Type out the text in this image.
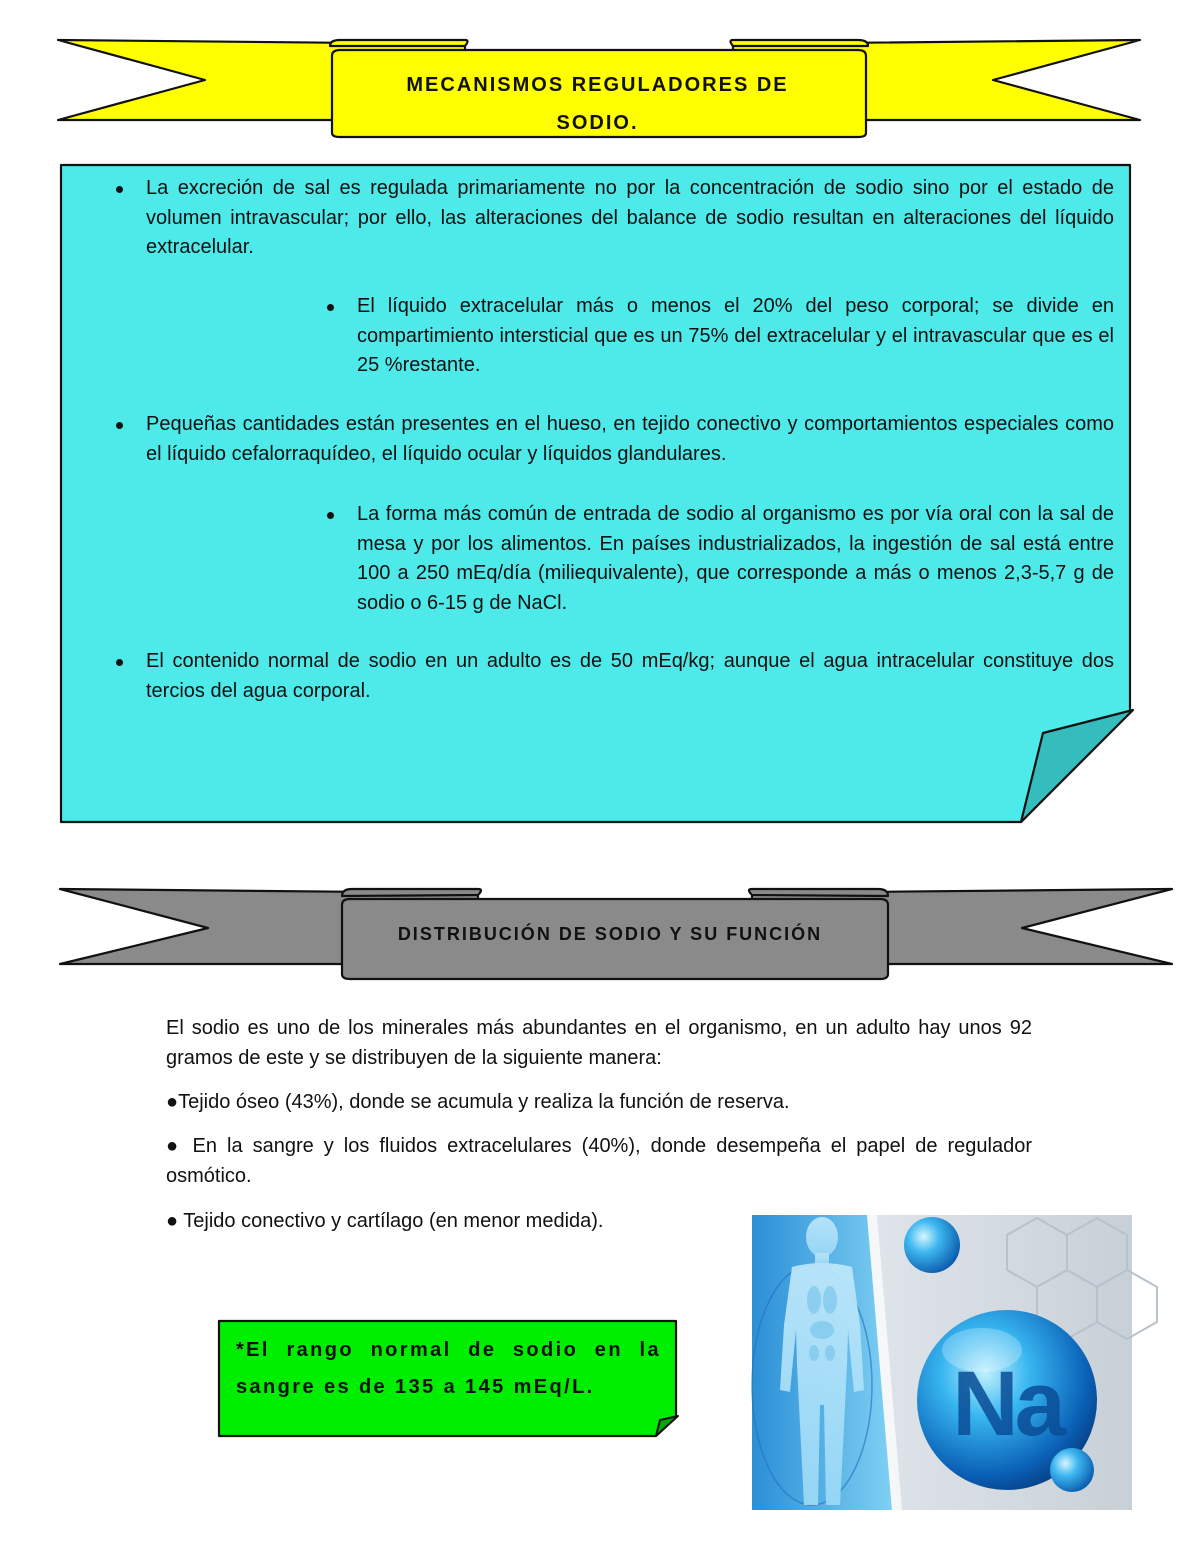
MECANISMOS REGULADORES DE
SODIO.
La excreción de sal es regulada primariamente no por la concentración de sodio sino por el estado de volumen intravascular; por ello, las alteraciones del balance de sodio resultan en alteraciones del líquido extracelular.
El líquido extracelular más o menos el 20% del peso corporal; se divide en compartimiento intersticial que es un 75% del extracelular y el intravascular que es el 25 %restante.
Pequeñas cantidades están presentes en el hueso, en tejido conectivo y comportamientos especiales como el líquido cefalorraquídeo, el líquido ocular y líquidos glandulares.
La forma más común de entrada de sodio al organismo es por vía oral con la sal de mesa y por los alimentos. En países industrializados, la ingestión de sal está entre 100 a 250 mEq/día (miliequivalente), que corresponde a más o menos 2,3-5,7 g de sodio o 6-15 g de NaCl.
El contenido normal de sodio en un adulto es de 50 mEq/kg; aunque el agua intracelular constituye dos tercios del agua corporal.
DISTRIBUCIÓN DE SODIO Y SU FUNCIÓN

El sodio es uno de los minerales más abundantes en el organismo, en un adulto hay unos 92 gramos de este y se distribuyen de la siguiente manera:

●Tejido óseo (43%), donde se acumula y realiza la función de reserva.

● En la sangre y los fluidos extracelulares (40%), donde desempeña el papel de regulador osmótico.

● Tejido conectivo y cartílago (en menor medida).

*El rango normal de sodio en la sangre es de 135 a 145 mEq/L.	Na
